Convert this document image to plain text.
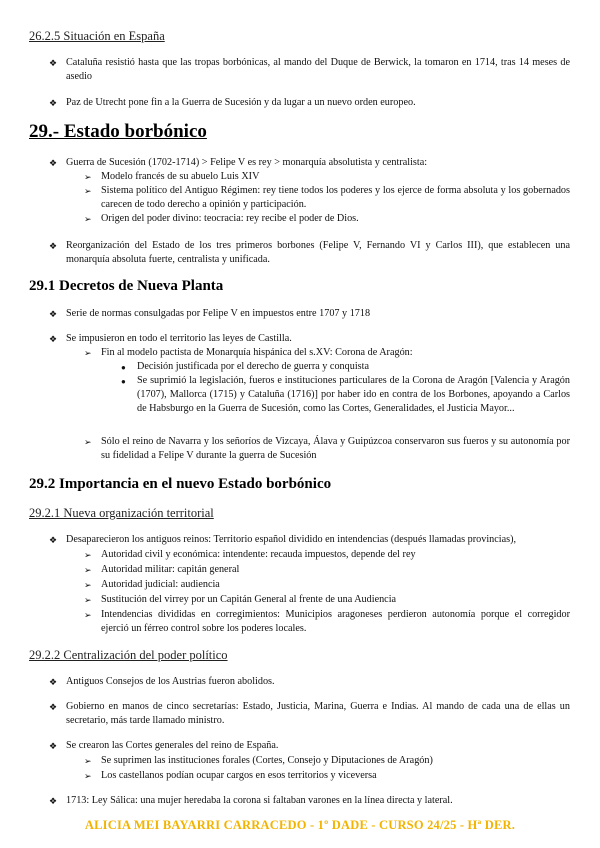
26.2.5 Situación en España
❖ Cataluña resistió hasta que las tropas borbónicas, al mando del Duque de Berwick, la tomaron en 1714, tras 14 meses de asedio
❖ Paz de Utrecht pone fin a la Guerra de Sucesión y da lugar a un nuevo orden europeo.
29.- Estado borbónico
❖ Guerra de Sucesión (1702-1714) > Felipe V es rey > monarquía absolutista y centralista:
➢ Modelo francés de su abuelo Luis XIV
➢ Sistema político del Antiguo Régimen: rey tiene todos los poderes y los ejerce de forma absoluta y los gobernados carecen de todo derecho a opinión y participación.
➢ Origen del poder divino: teocracia: rey recibe el poder de Dios.
❖ Reorganización del Estado de los tres primeros borbones (Felipe V, Fernando VI y Carlos III), que establecen una monarquía absoluta fuerte, centralista y unificada.
29.1 Decretos de Nueva Planta
❖ Serie de normas consulgadas por Felipe V en impuestos entre 1707 y 1718
❖ Se impusieron en todo el territorio las leyes de Castilla.
➢ Fin al modelo pactista de Monarquía hispánica del s.XV: Corona de Aragón:
● Decisión justificada por el derecho de guerra y conquista
● Se suprimió la legislación, fueros e instituciones particulares de la Corona de Aragón [Valencia y Aragón (1707), Mallorca (1715) y Cataluña (1716)] por haber ido en contra de los Borbones, apoyando a Carlos de Habsburgo en la Guerra de Sucesión, como las Cortes, Generalidades, el Justicia Mayor...
➢ Sólo el reino de Navarra y los señoríos de Vizcaya, Álava y Guipúzcoa conservaron sus fueros y su autonomía por su fidelidad a Felipe V durante la guerra de Sucesión
29.2 Importancia en el nuevo Estado borbónico
29.2.1 Nueva organización territorial
❖ Desaparecieron los antiguos reinos: Territorio español dividido en intendencias (después llamadas provincias),
➢ Autoridad civil y económica: intendente: recauda impuestos, depende del rey
➢ Autoridad militar: capitán general
➢ Autoridad judicial: audiencia
➢ Sustitución del virrey por un Capitán General al frente de una Audiencia
➢ Intendencias divididas en corregimientos: Municipios aragoneses perdieron autonomía porque el corregidor ejerció un férreo control sobre los poderes locales.
29.2.2 Centralización del poder político
❖ Antiguos Consejos de los Austrias fueron abolidos.
❖ Gobierno en manos de cinco secretarías: Estado, Justicia, Marina, Guerra e Indias. Al mando de cada una de ellas un secretario, más tarde llamado ministro.
❖ Se crearon las Cortes generales del reino de España.
➢ Se suprimen las instituciones forales (Cortes, Consejo y Diputaciones de Aragón)
➢ Los castellanos podían ocupar cargos en esos territorios y viceversa
❖ 1713: Ley Sálica: una mujer heredaba la corona si faltaban varones en la línea directa y lateral.
ALICIA MEI BAYARRI CARRACEDO - 1º DADE - CURSO 24/25 - Hª DER.
